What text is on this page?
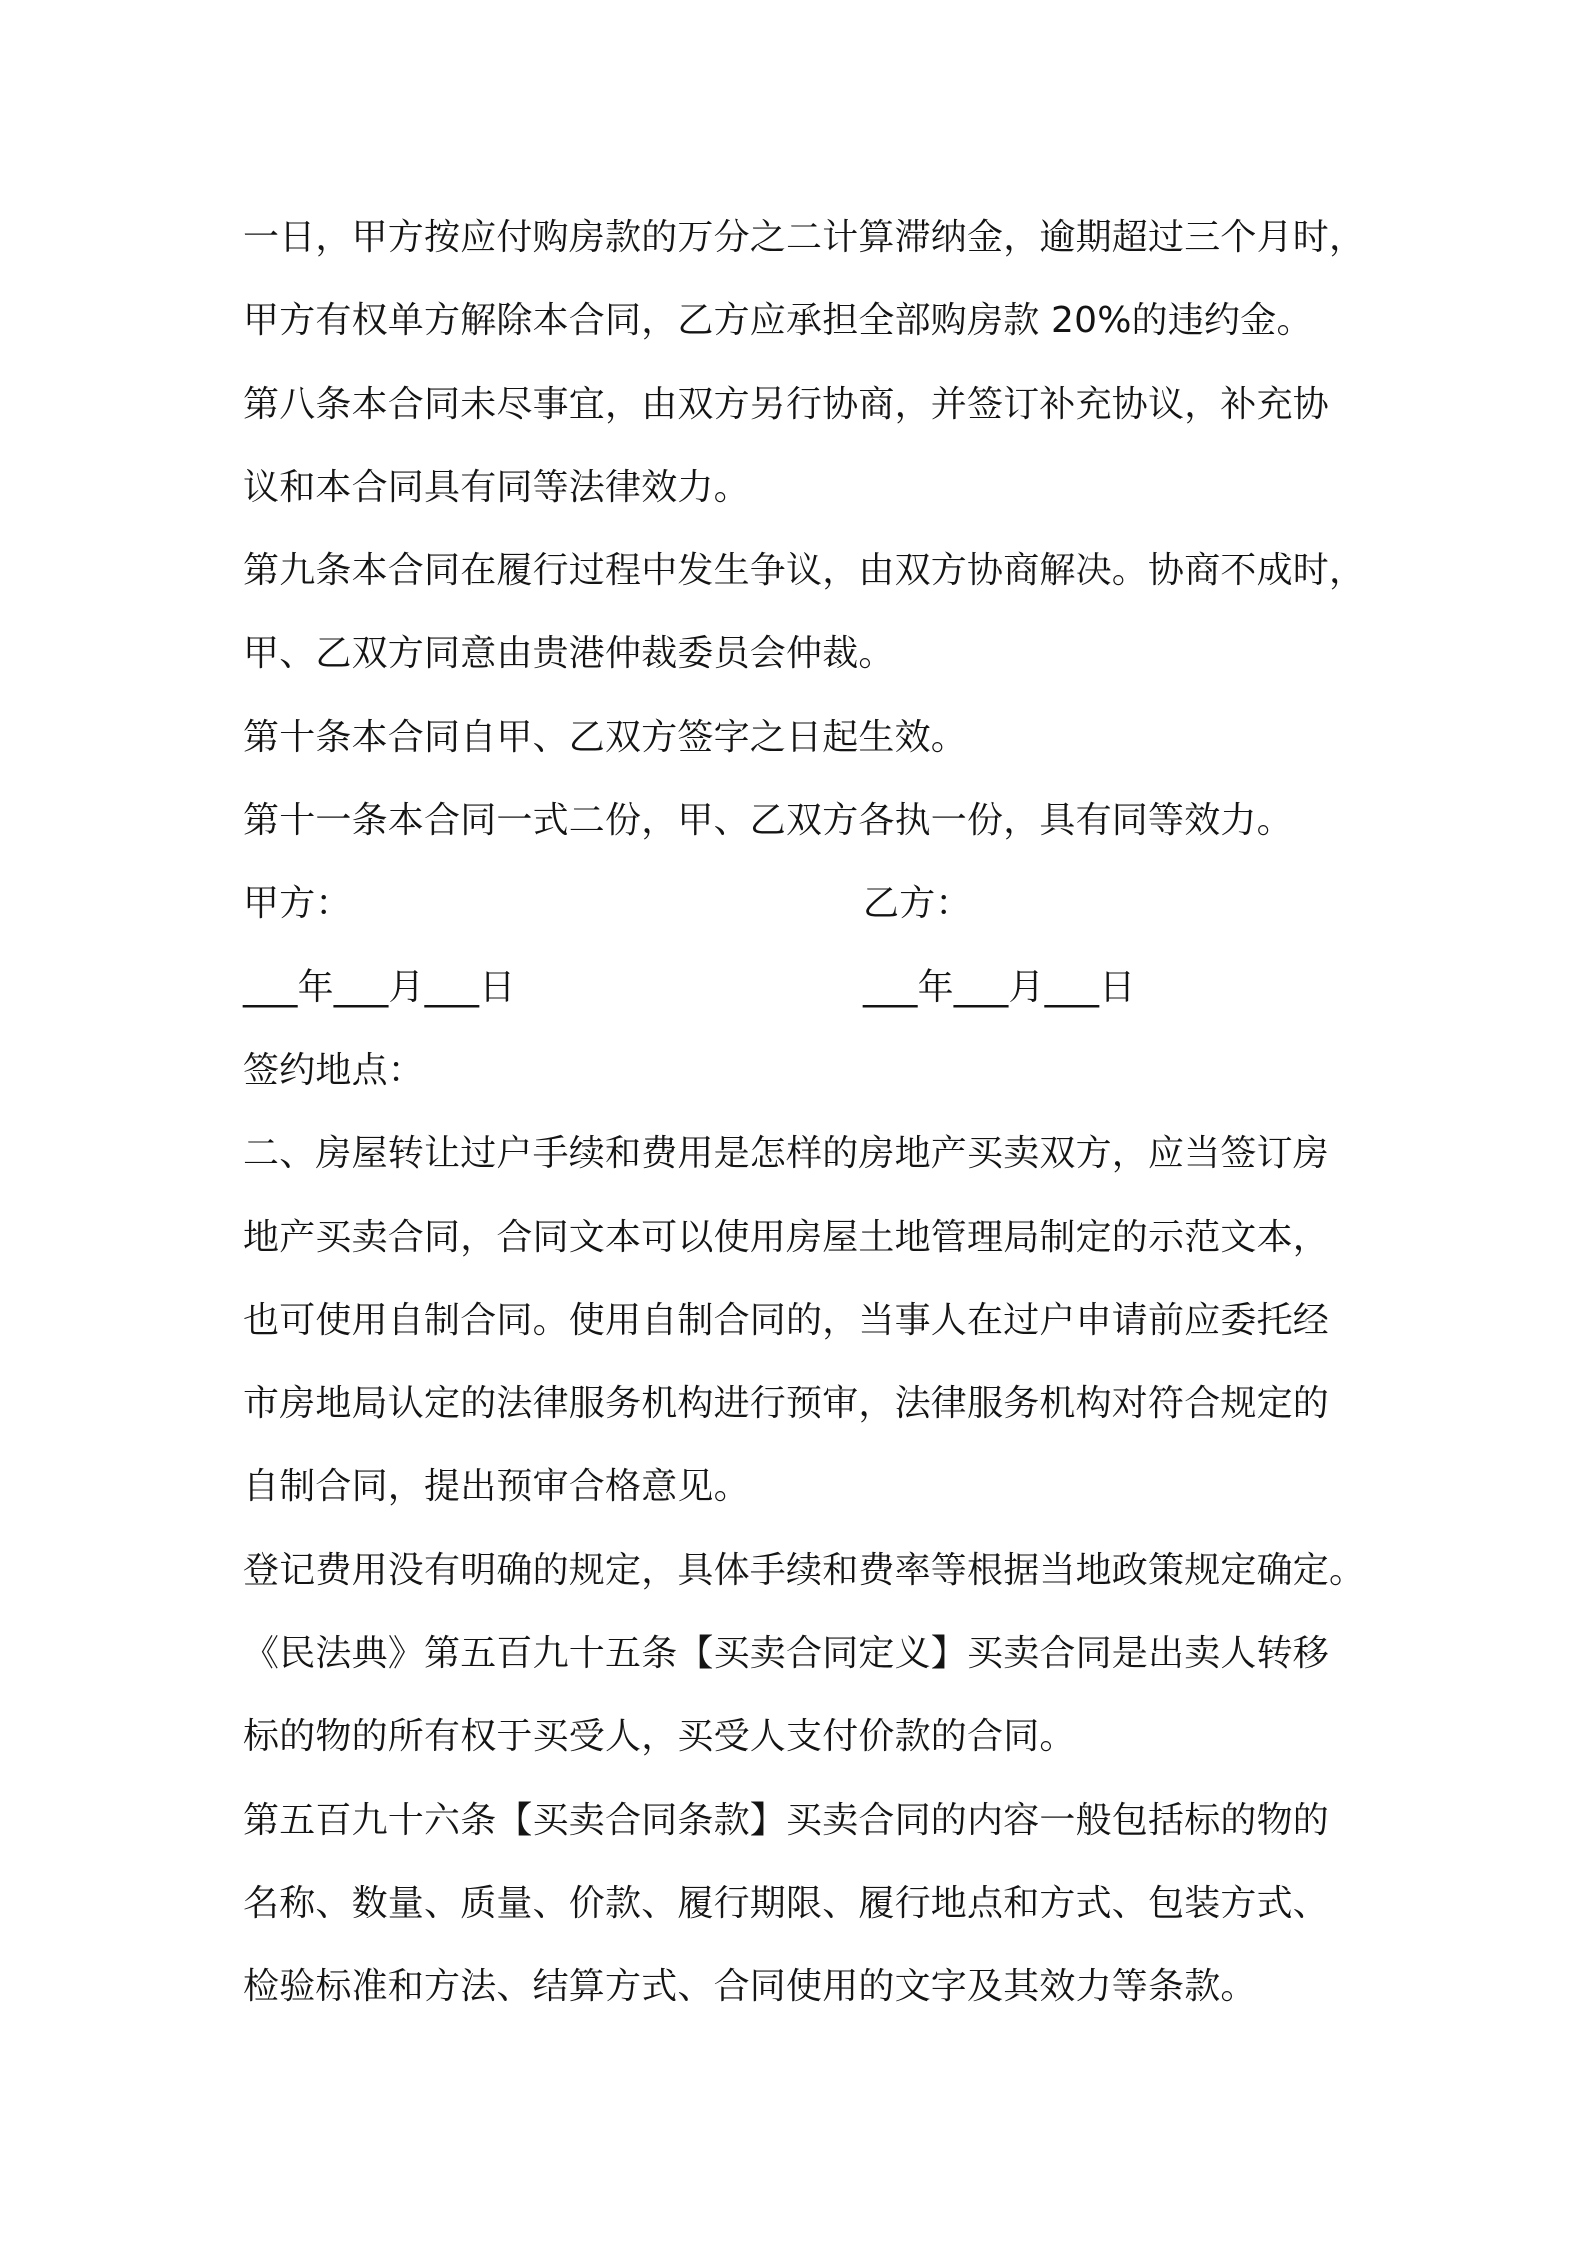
一日，甲方按应付购房款的万分之二计算滞纳金，逾期超过三个月时，
甲方有权单方解除本合同，乙方应承担全部购房款 20%的违约金。
第八条本合同未尽事宜，由双方另行协商，并签订补充协议，补充协
议和本合同具有同等法律效力。
第九条本合同在履行过程中发生争议，由双方协商解决。协商不成时，
甲、乙双方同意由贵港仲裁委员会仲裁。
第十条本合同自甲、乙双方签字之日起生效。
第十一条本合同一式二份，甲、乙双方各执一份，具有同等效力。
甲方：	乙方：
___年___月___日	___年___月___日
签约地点：
二、房屋转让过户手续和费用是怎样的房地产买卖双方，应当签订房
地产买卖合同，合同文本可以使用房屋土地管理局制定的示范文本，
也可使用自制合同。使用自制合同的，当事人在过户申请前应委托经
市房地局认定的法律服务机构进行预审，法律服务机构对符合规定的
自制合同，提出预审合格意见。
登记费用没有明确的规定，具体手续和费率等根据当地政策规定确定。
《民法典》第五百九十五条【买卖合同定义】买卖合同是出卖人转移
标的物的所有权于买受人，买受人支付价款的合同。
第五百九十六条【买卖合同条款】买卖合同的内容一般包括标的物的
名称、数量、质量、价款、履行期限、履行地点和方式、包装方式、
检验标准和方法、结算方式、合同使用的文字及其效力等条款。
